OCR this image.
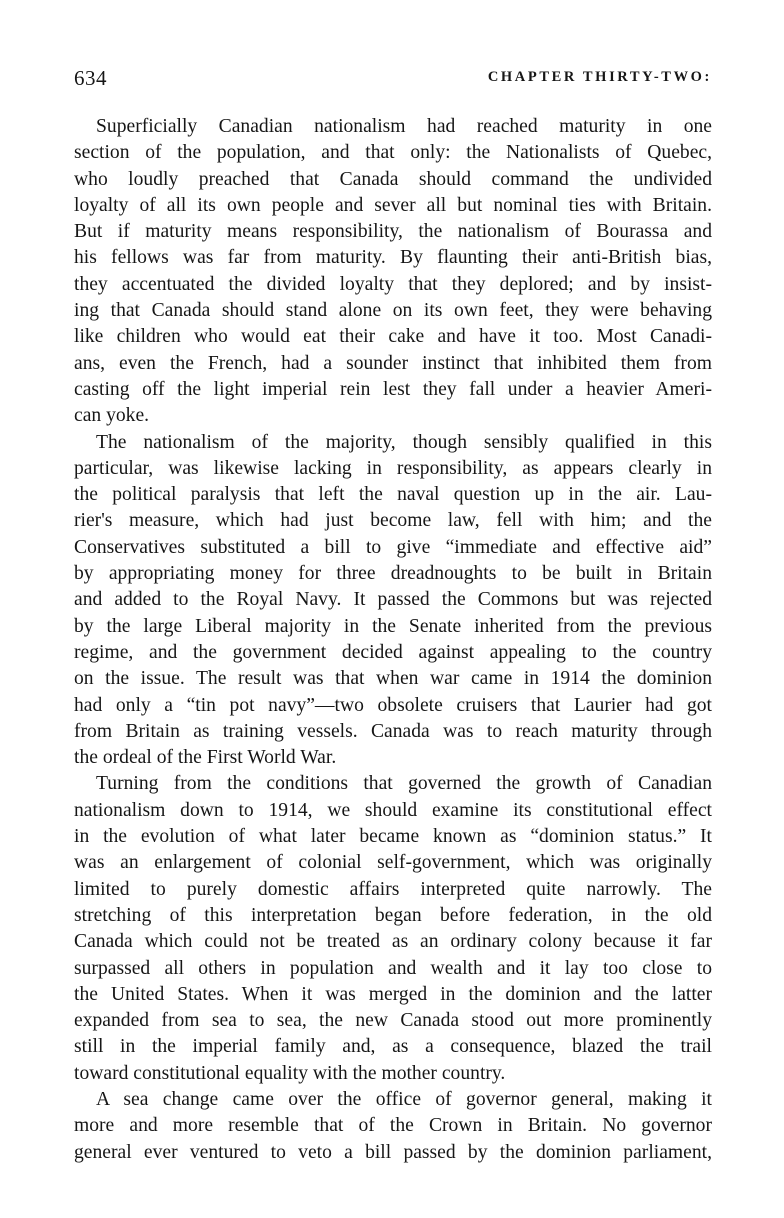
634	CHAPTER THIRTY-TWO:

Superficially Canadian nationalism had reached maturity in one
section of the population, and that only: the Nationalists of Quebec,
who loudly preached that Canada should command the undivided
loyalty of all its own people and sever all but nominal ties with Britain.
But if maturity means responsibility, the nationalism of Bourassa and
his fellows was far from maturity. By flaunting their anti-British bias,
they accentuated the divided loyalty that they deplored; and by insist-
ing that Canada should stand alone on its own feet, they were behaving
like children who would eat their cake and have it too. Most Canadi-
ans, even the French, had a sounder instinct that inhibited them from
casting off the light imperial rein lest they fall under a heavier Ameri-
can yoke.

The nationalism of the majority, though sensibly qualified in this
particular, was likewise lacking in responsibility, as appears clearly in
the political paralysis that left the naval question up in the air. Lau-
rier's measure, which had just become law, fell with him; and the
Conservatives substituted a bill to give “immediate and effective aid”
by appropriating money for three dreadnoughts to be built in Britain
and added to the Royal Navy. It passed the Commons but was rejected
by the large Liberal majority in the Senate inherited from the previous
regime, and the government decided against appealing to the country
on the issue. The result was that when war came in 1914 the dominion
had only a “tin pot navy”—two obsolete cruisers that Laurier had got
from Britain as training vessels. Canada was to reach maturity through
the ordeal of the First World War.

Turning from the conditions that governed the growth of Canadian
nationalism down to 1914, we should examine its constitutional effect
in the evolution of what later became known as “dominion status.” It
was an enlargement of colonial self-government, which was originally
limited to purely domestic affairs interpreted quite narrowly. The
stretching of this interpretation began before federation, in the old
Canada which could not be treated as an ordinary colony because it far
surpassed all others in population and wealth and it lay too close to
the United States. When it was merged in the dominion and the latter
expanded from sea to sea, the new Canada stood out more prominently
still in the imperial family and, as a consequence, blazed the trail
toward constitutional equality with the mother country.

A sea change came over the office of governor general, making it
more and more resemble that of the Crown in Britain. No governor
general ever ventured to veto a bill passed by the dominion parliament,
